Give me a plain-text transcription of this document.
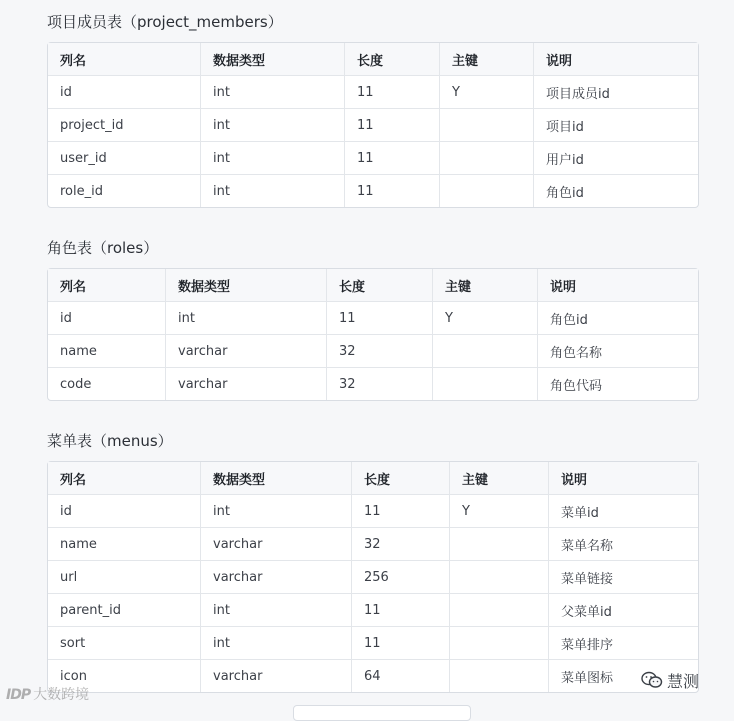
项目成员表（project_members）
列名	数据类型	长度	主键	说明
id	int	11	Y	项目成员id
project_id	int	11		项目id
user_id	int	11		用户id
role_id	int	11		角色id
角色表（roles）
列名	数据类型	长度	主键	说明
id	int	11	Y	角色id
name	varchar	32		角色名称
code	varchar	32		角色代码
菜单表（menus）
列名	数据类型	长度	主键	说明
id	int	11	Y	菜单id
name	varchar	32		菜单名称
url	varchar	256		菜单链接
parent_id	int	11		父菜单id
sort	int	11		菜单排序
icon	varchar	64		菜单图标
IDP 大数跨境
慧测
